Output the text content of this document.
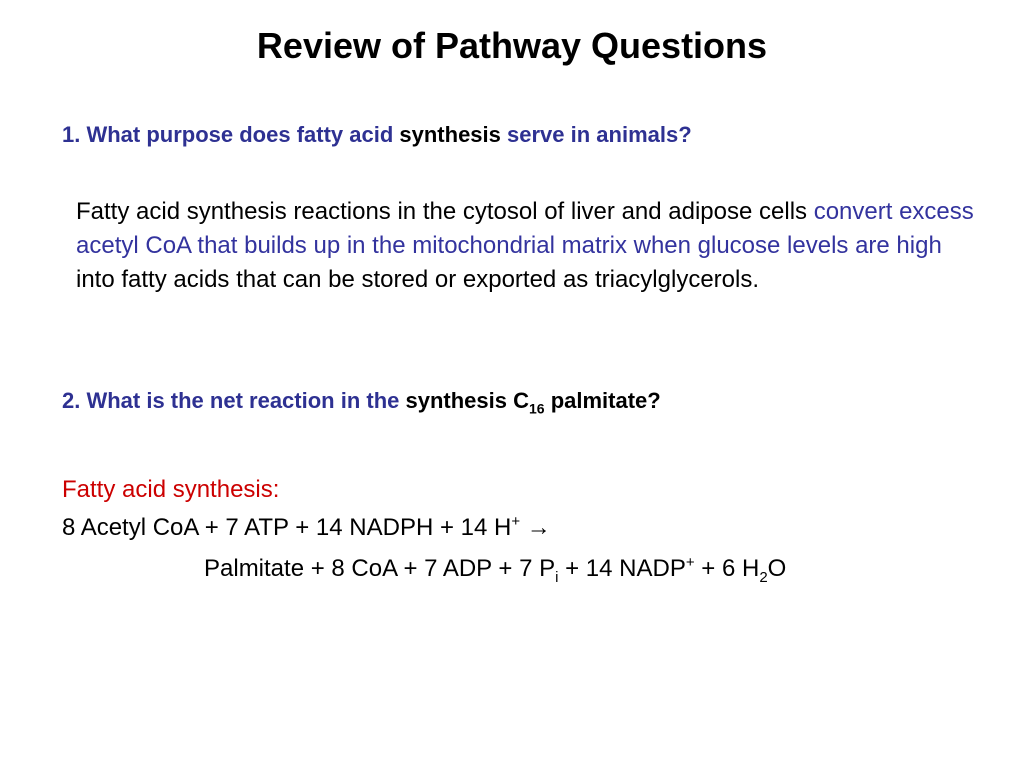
Review of Pathway Questions
1. What purpose does fatty acid synthesis serve in animals?
Fatty acid synthesis reactions in the cytosol of liver and adipose cells convert excess acetyl CoA that builds up in the mitochondrial matrix when glucose levels are high into fatty acids that can be stored or exported as triacylglycerols.
2. What is the net reaction in the synthesis $C_{16}$ palmitate?
Fatty acid synthesis:
8 Acetyl CoA + 7 ATP + 14 NADPH + 14 H+ →
Palmitate + 8 CoA + 7 ADP + 7 $P_i + 14$ NADP+ + 6 $H_2O$
